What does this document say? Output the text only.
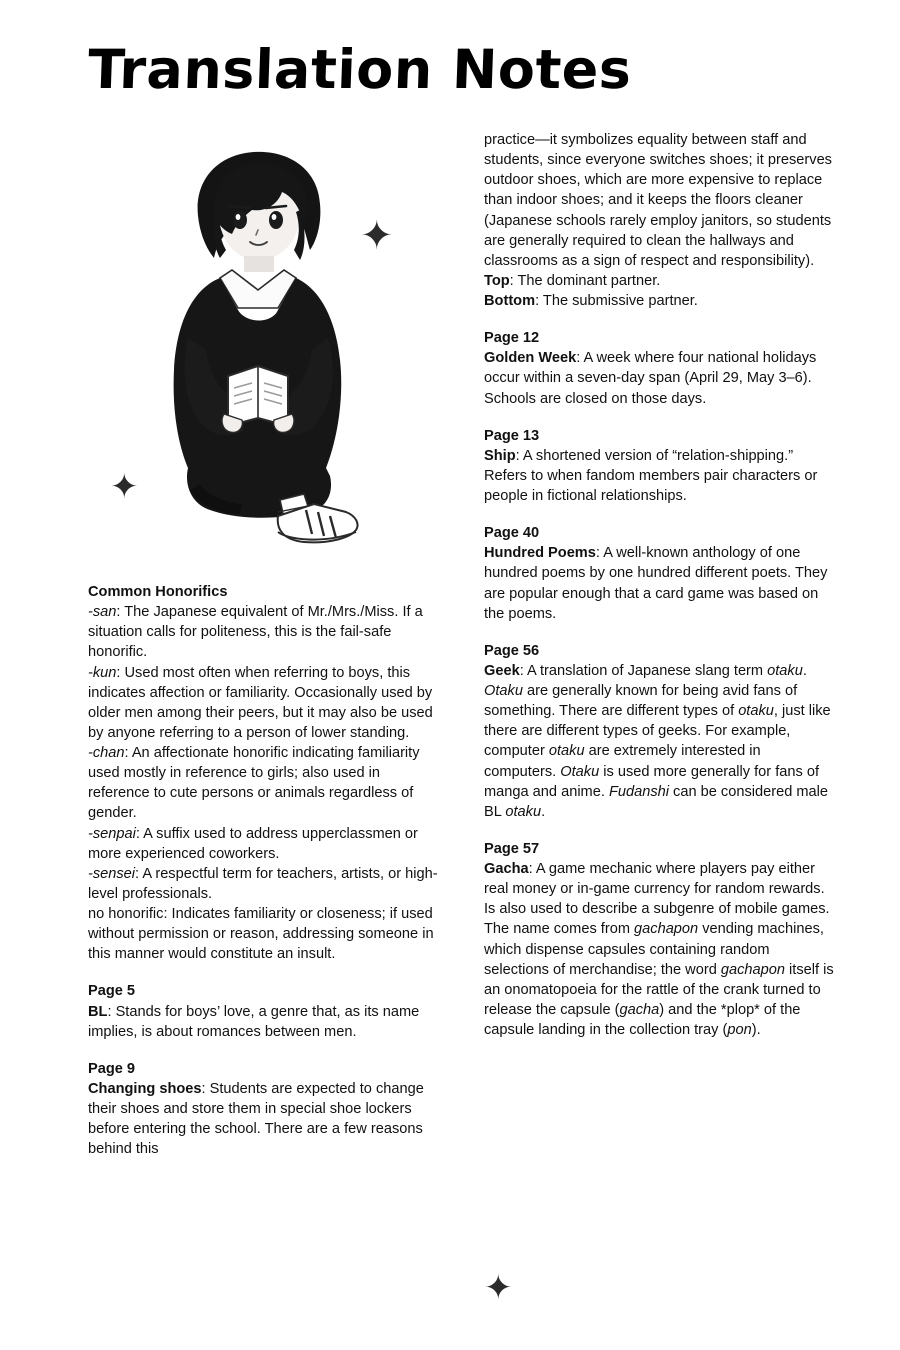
Translation Notes
✦
✦

Common Honorifics

-san: The Japanese equivalent of Mr./Mrs./Miss. If a situation calls for politeness, this is the fail-safe honorific.

-kun: Used most often when referring to boys, this indicates affection or familiarity. Occasionally used by older men among their peers, but it may also be used by anyone referring to a person of lower standing.

-chan: An affectionate honorific indicating familiarity used mostly in reference to girls; also used in reference to cute persons or animals regardless of gender.

-senpai: A suffix used to address upperclassmen or more experienced coworkers.

-sensei: A respectful term for teachers, artists, or high-level professionals.

no honorific: Indicates familiarity or closeness; if used without permission or reason, addressing someone in this manner would constitute an insult.

Page 5

BL: Stands for boys’ love, a genre that, as its name implies, is about romances between men.

Page 9

Changing shoes: Students are expected to change their shoes and store them in special shoe lockers before entering the school. There are a few reasons behind this

practice—it symbolizes equality between staff and students, since everyone switches shoes; it preserves outdoor shoes, which are more expensive to replace than indoor shoes; and it keeps the floors cleaner (Japanese schools rarely employ janitors, so students are generally required to clean the hallways and classrooms as a sign of respect and responsibility).

Top: The dominant partner.

Bottom: The submissive partner.

Page 12

Golden Week: A week where four national holidays occur within a seven-day span (April 29, May 3–6). Schools are closed on those days.

Page 13

Ship: A shortened version of “relation-shipping.” Refers to when fandom members pair characters or people in fictional relationships.

Page 40

Hundred Poems: A well-known anthology of one hundred poems by one hundred different poets. They are popular enough that a card game was based on the poems.

Page 56

Geek: A translation of Japanese slang term otaku. Otaku are generally known for being avid fans of something. There are different types of otaku, just like there are different types of geeks. For example, computer otaku are extremely interested in computers. Otaku is used more generally for fans of manga and anime. Fudanshi can be considered male BL otaku.

Page 57

Gacha: A game mechanic where players pay either real money or in-game currency for random rewards. Is also used to describe a subgenre of mobile games. The name comes from gachapon vending machines, which dispense capsules containing random selections of merchandise; the word gachapon itself is an onomatopoeia for the rattle of the crank turned to release the capsule (gacha) and the *plop* of the capsule landing in the collection tray (pon).

✦
